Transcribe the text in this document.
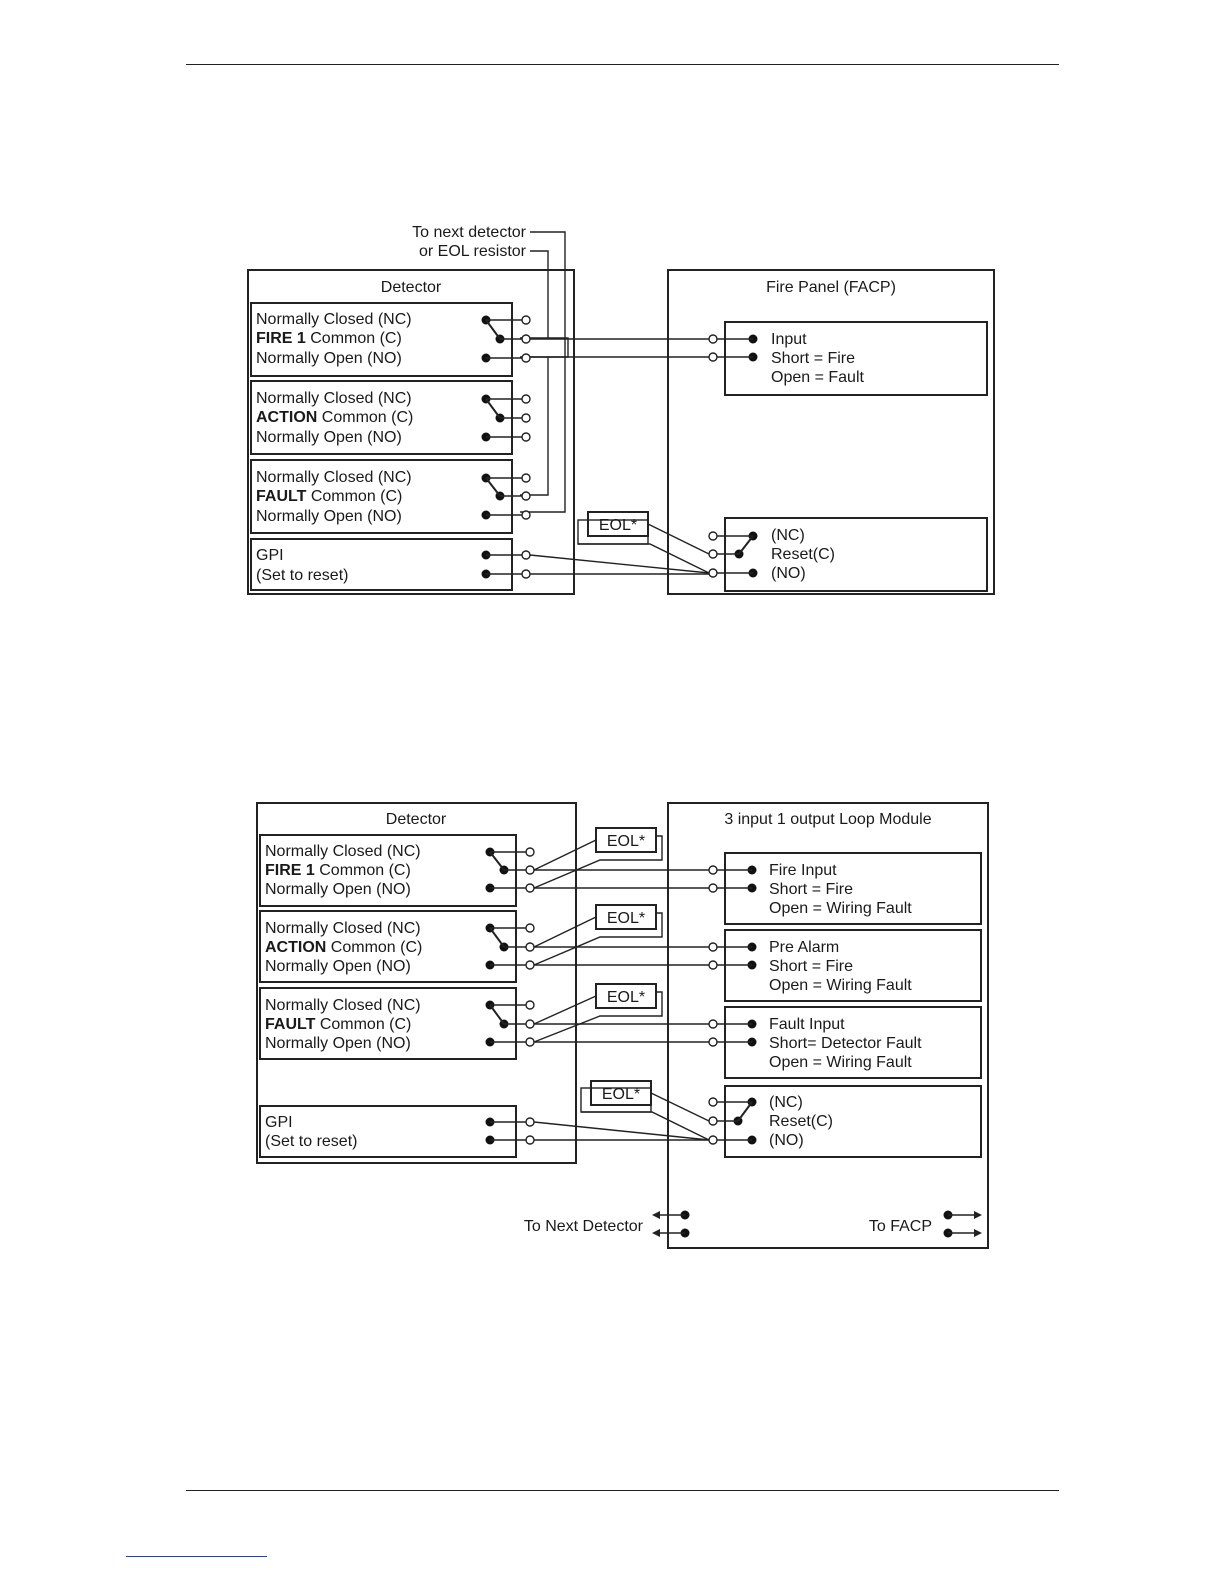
To next detector
or EOL resistor
Detector
Normally Closed (NC)
FIRE 1 Common (C)
Normally Open (NO)
Normally Closed (NC)
ACTION Common (C)
Normally Open (NO)
Normally Closed (NC)
FAULT Common (C)
Normally Open (NO)
GPI
(Set to reset)
Fire Panel (FACP)
Input
Short = Fire
Open = Fault
(NC)
Reset(C)
(NO)
EOL*
Detector
Normally Closed (NC)
FIRE 1 Common (C)
Normally Open (NO)
Normally Closed (NC)
ACTION Common (C)
Normally Open (NO)
Normally Closed (NC)
FAULT Common (C)
Normally Open (NO)
GPI
(Set to reset)
3 input 1 output Loop Module
Fire Input
Short = Fire
Open = Wiring Fault
Pre Alarm
Short = Fire
Open = Wiring Fault
Fault Input
Short= Detector Fault
Open = Wiring Fault
(NC)
Reset(C)
(NO)
EOL*
EOL*
EOL*
EOL*
To Next Detector	To FACP
